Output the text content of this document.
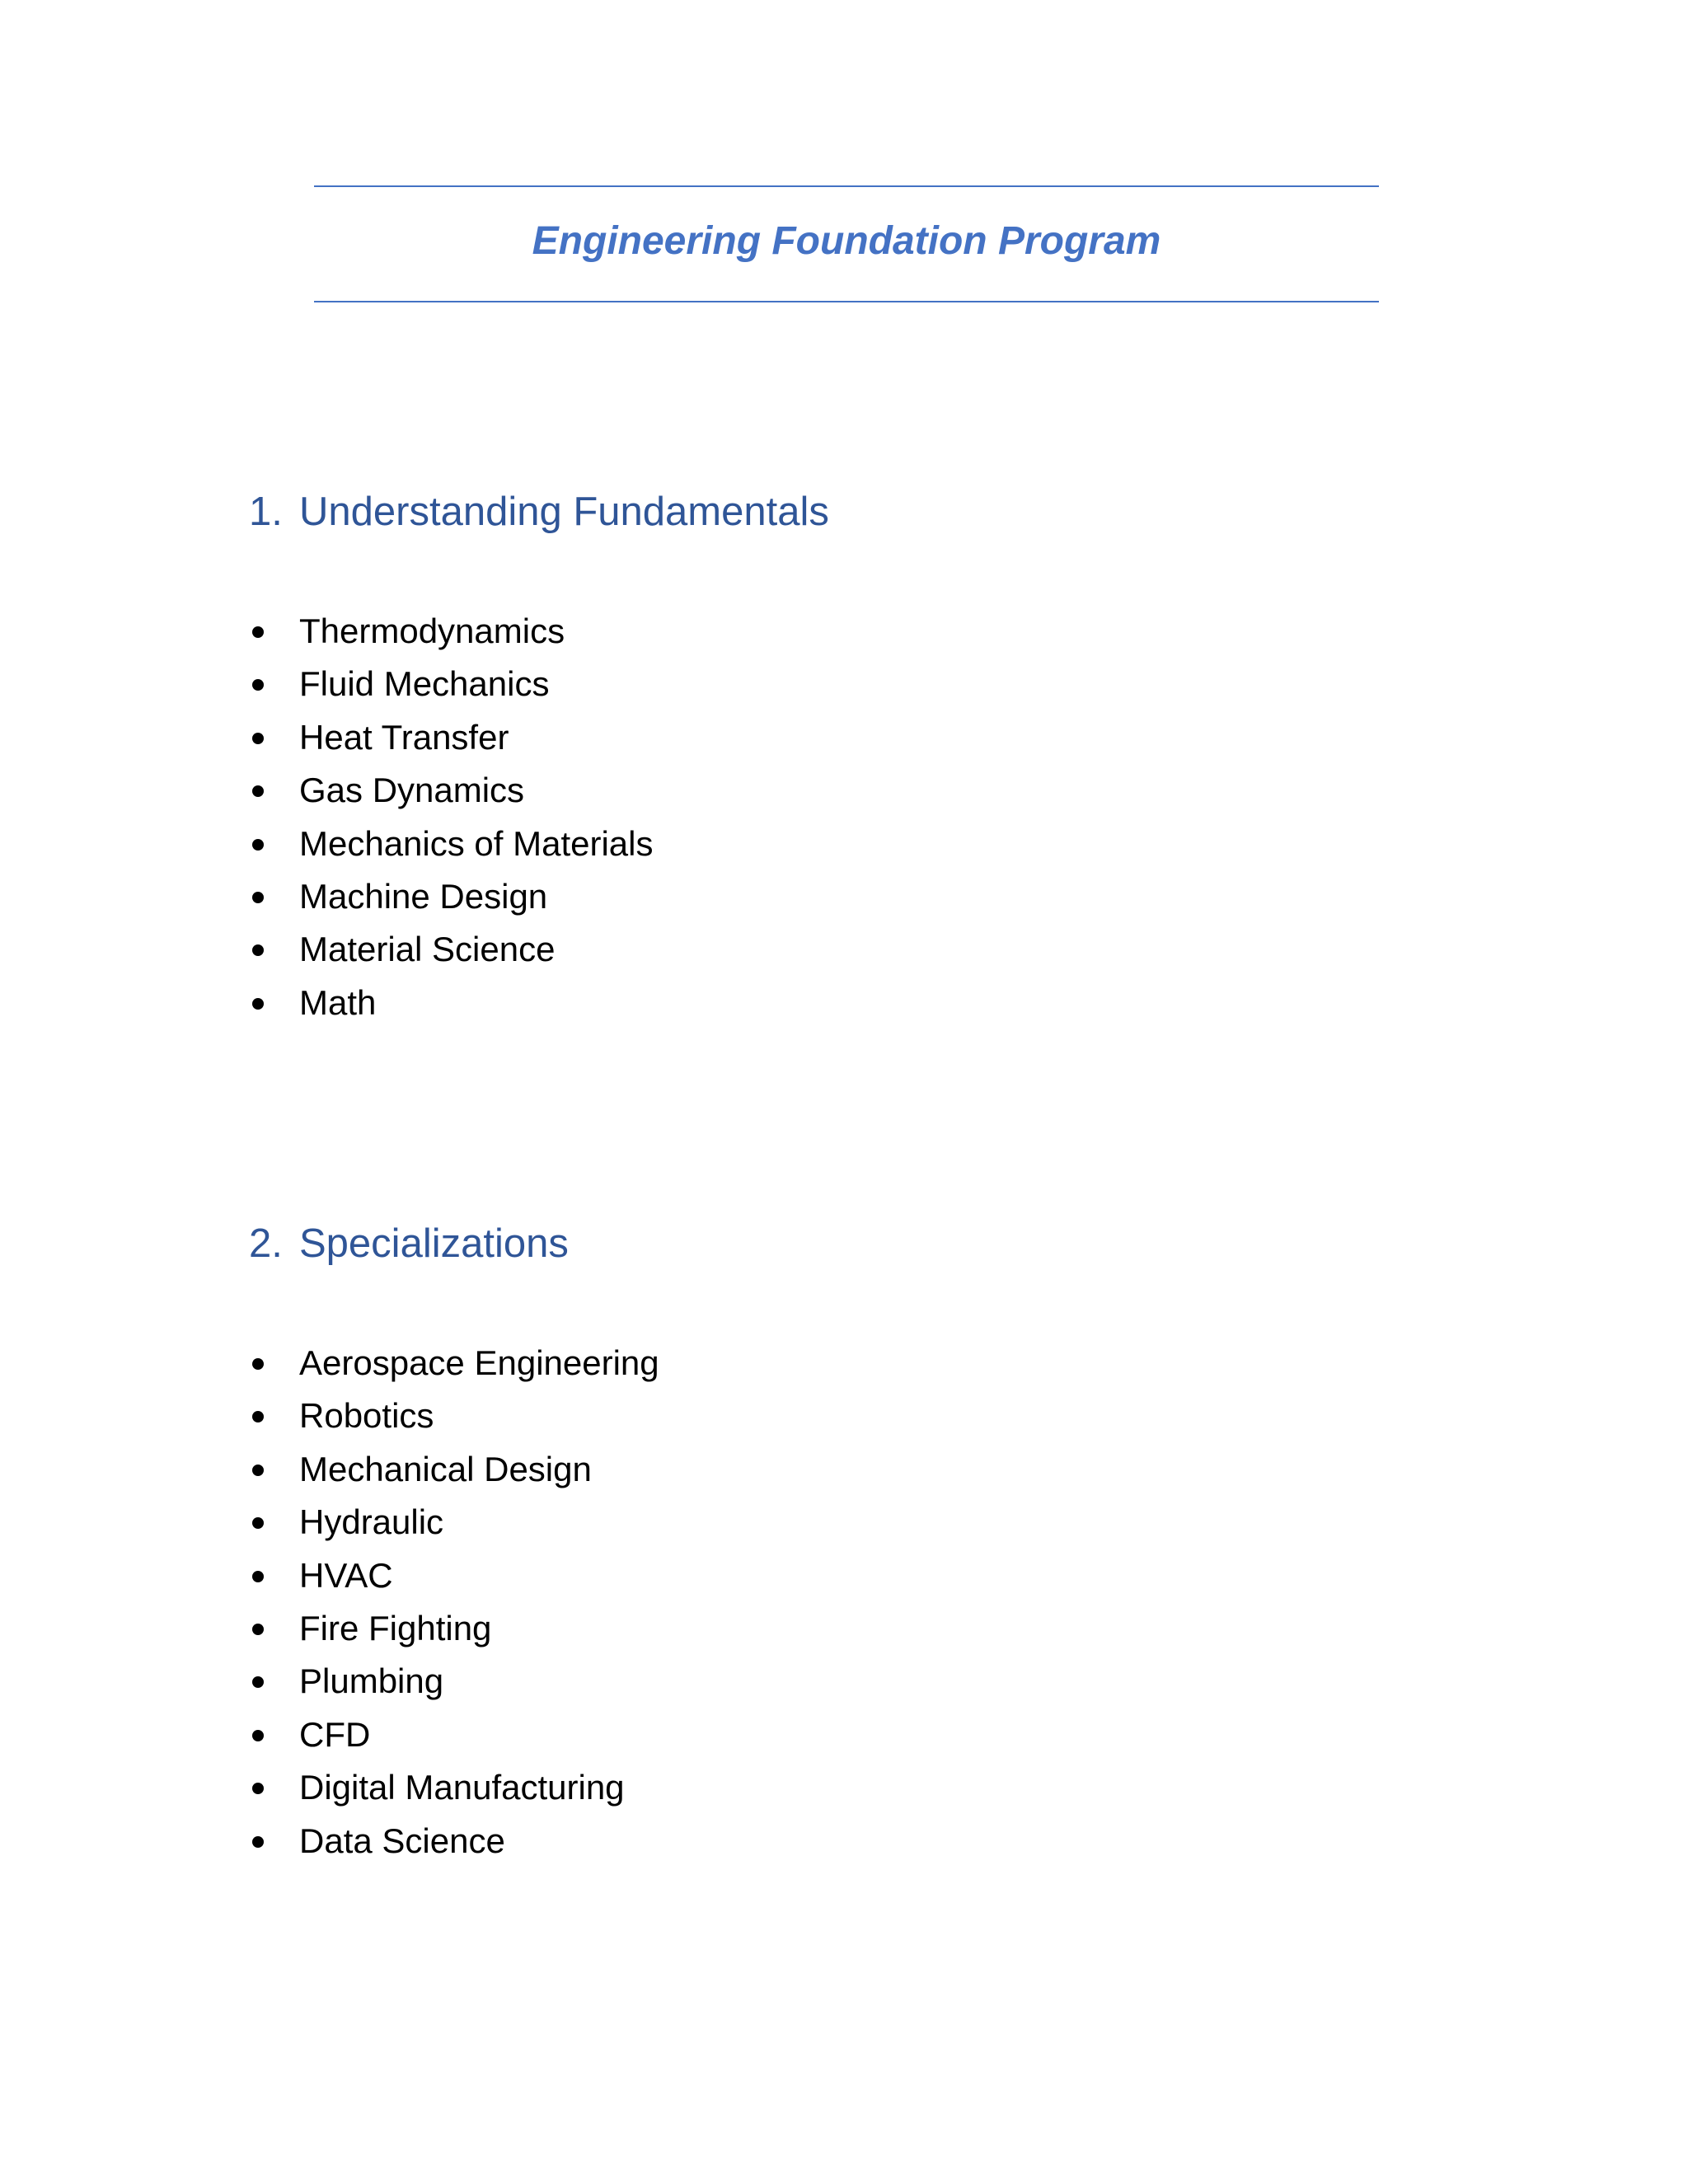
Engineering Foundation Program
1. Understanding Fundamentals
Thermodynamics
Fluid Mechanics
Heat Transfer
Gas Dynamics
Mechanics of Materials
Machine Design
Material Science
Math
2. Specializations
Aerospace Engineering
Robotics
Mechanical Design
Hydraulic
HVAC
Fire Fighting
Plumbing
CFD
Digital Manufacturing
Data Science
